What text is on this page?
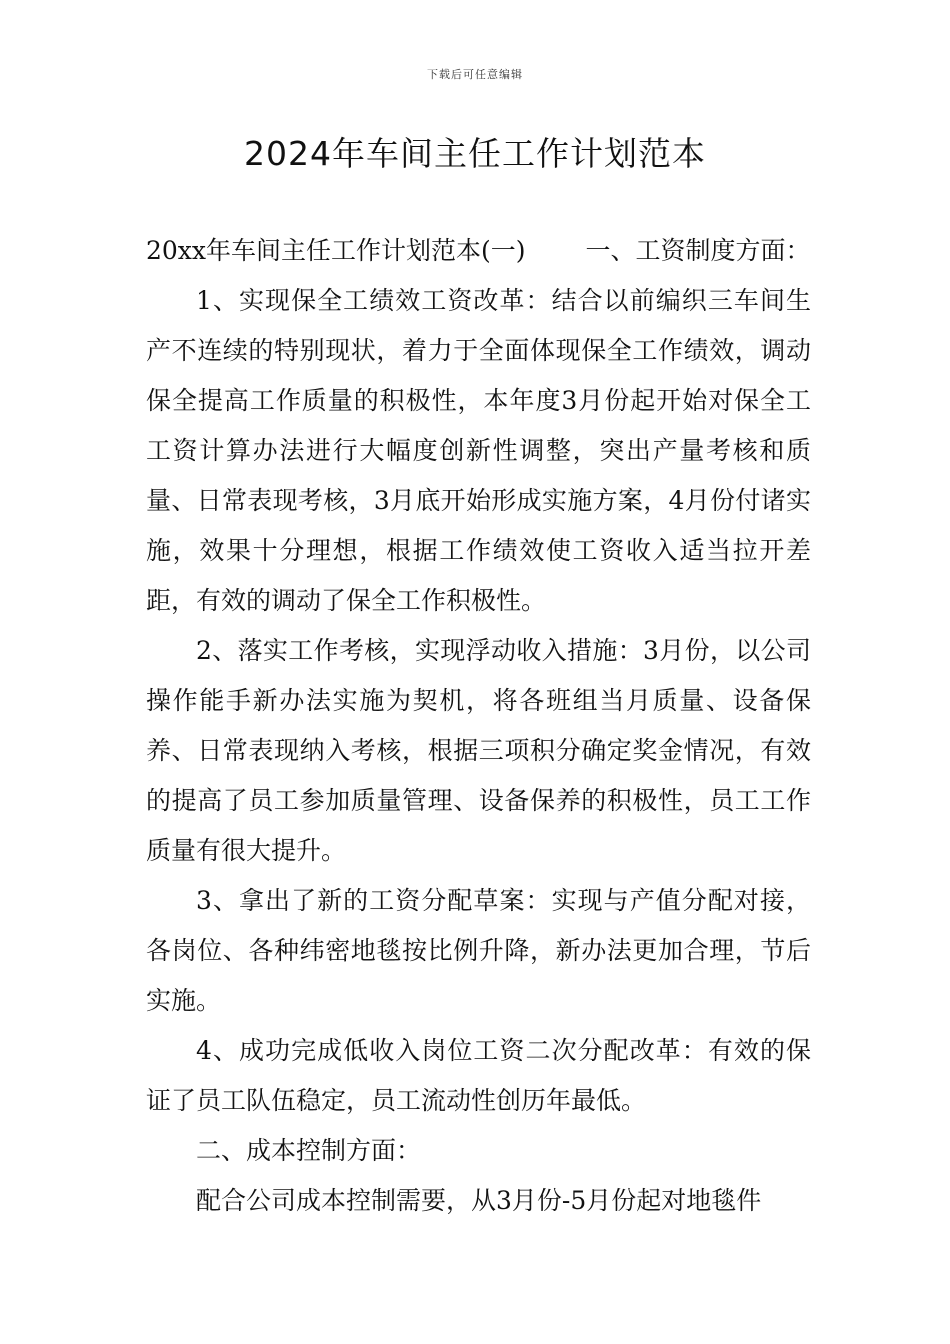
下载后可任意编辑
2024年车间主任工作计划范本

20xx年车间主任工作计划范本(一) 一、工资制度方面：

1、实现保全工绩效工资改革：结合以前编织三车间生产不连续的特别现状，着力于全面体现保全工作绩效，调动保全提高工作质量的积极性，本年度3月份起开始对保全工工资计算办法进行大幅度创新性调整，突出产量考核和质量、日常表现考核，3月底开始形成实施方案，4月份付诸实施，效果十分理想，根据工作绩效使工资收入适当拉开差距，有效的调动了保全工作积极性。

2、落实工作考核，实现浮动收入措施：3月份，以公司操作能手新办法实施为契机，将各班组当月质量、设备保养、日常表现纳入考核，根据三项积分确定奖金情况，有效的提高了员工参加质量管理、设备保养的积极性，员工工作质量有很大提升。

3、拿出了新的工资分配草案：实现与产值分配对接，各岗位、各种纬密地毯按比例升降，新办法更加合理，节后实施。

4、成功完成低收入岗位工资二次分配改革：有效的保证了员工队伍稳定，员工流动性创历年最低。

二、成本控制方面：

配合公司成本控制需要，从3月份-5月份起对地毯件
